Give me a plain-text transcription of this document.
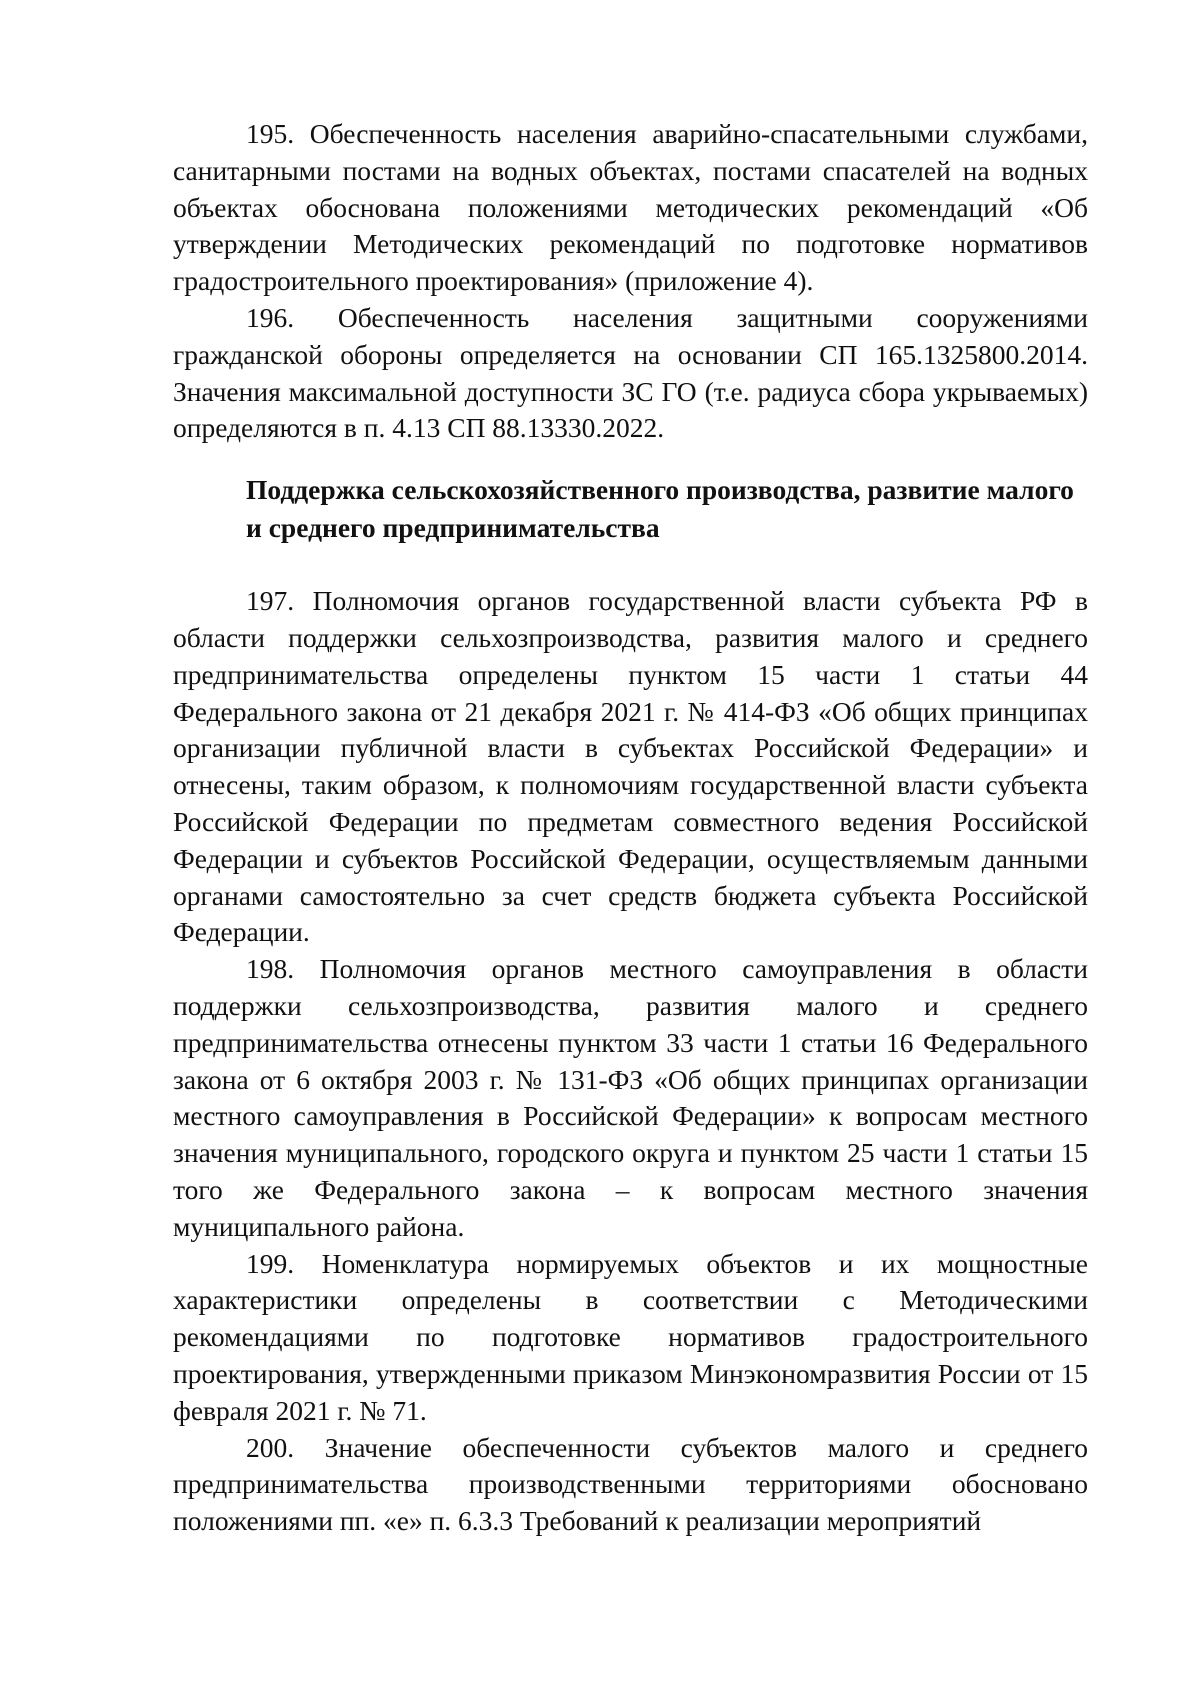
195. Обеспеченность населения аварийно-спасательными службами, санитарными постами на водных объектах, постами спасателей на водных объектах обоснована положениями методических рекомендаций «Об утверждении Методических рекомендаций по подготовке нормативов градостроительного проектирования» (приложение 4).

196. Обеспеченность населения защитными сооружениями гражданской обороны определяется на основании СП 165.1325800.2014. Значения максимальной доступности ЗС ГО (т.е. радиуса сбора укрываемых) определяются в п. 4.13 СП 88.13330.2022.

Поддержка сельскохозяйственного производства, развитие малого и среднего предпринимательства

197. Полномочия органов государственной власти субъекта РФ в области поддержки сельхозпроизводства, развития малого и среднего предпринимательства определены пунктом 15 части 1 статьи 44 Федерального закона от 21 декабря 2021 г. № 414-ФЗ «Об общих принципах организации публичной власти в субъектах Российской Федерации» и отнесены, таким образом, к полномочиям государственной власти субъекта Российской Федерации по предметам совместного ведения Российской Федерации и субъектов Российской Федерации, осуществляемым данными органами самостоятельно за счет средств бюджета субъекта Российской Федерации.

198. Полномочия органов местного самоуправления в области поддержки сельхозпроизводства, развития малого и среднего предпринимательства отнесены пунктом 33 части 1 статьи 16 Федерального закона от 6 октября 2003 г. № 131-ФЗ «Об общих принципах организации местного самоуправления в Российской Федерации» к вопросам местного значения муниципального, городского округа и пунктом 25 части 1 статьи 15 того же Федерального закона – к вопросам местного значения муниципального района.

199. Номенклатура нормируемых объектов и их мощностные характеристики определены в соответствии с Методическими рекомендациями по подготовке нормативов градостроительного проектирования, утвержденными приказом Минэкономразвития России от 15 февраля 2021 г. № 71.

200. Значение обеспеченности субъектов малого и среднего предпринимательства производственными территориями обосновано положениями пп. «е» п. 6.3.3 Требований к реализации мероприятий
